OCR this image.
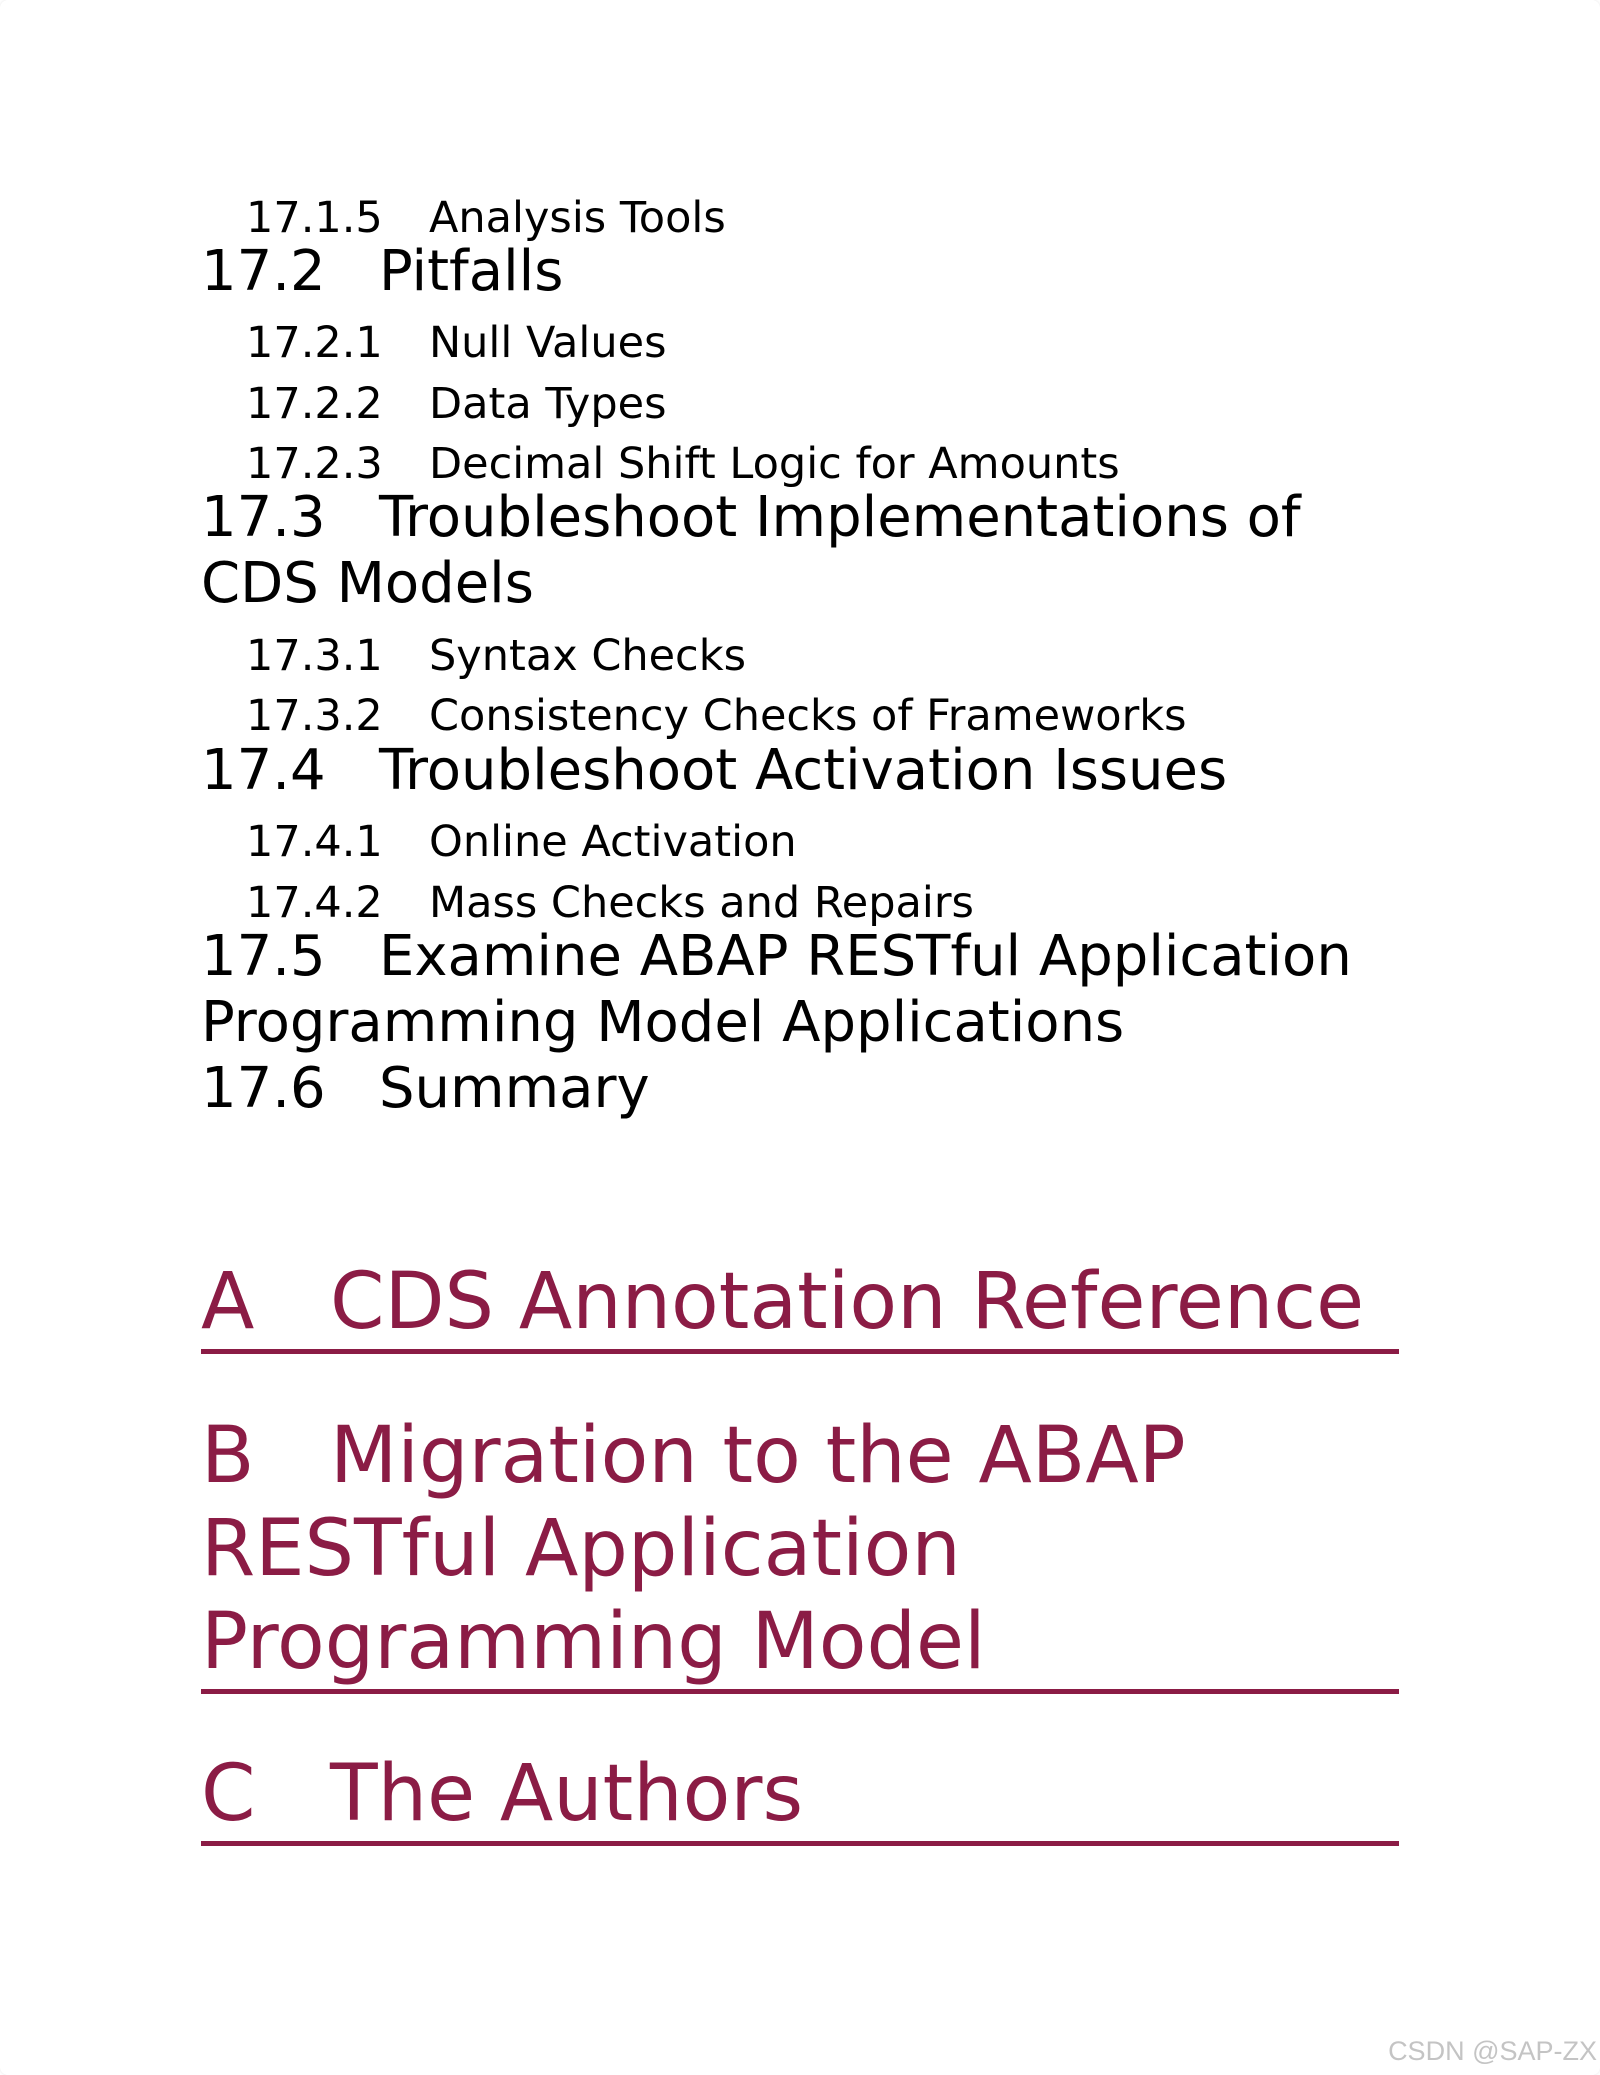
17.1.5 Analysis Tools
17.2 Pitfalls
17.2.1 Null Values
17.2.2 Data Types
17.2.3 Decimal Shift Logic for Amounts
17.3 Troubleshoot Implementations of
CDS Models
17.3.1 Syntax Checks
17.3.2 Consistency Checks of Frameworks
17.4 Troubleshoot Activation Issues
17.4.1 Online Activation
17.4.2 Mass Checks and Repairs
17.5 Examine ABAP RESTful Application
Programming Model Applications
17.6 Summary
A CDS Annotation Reference
B Migration to the ABAP
RESTful Application
Programming Model
C The Authors
CSDN @SAP-ZX
